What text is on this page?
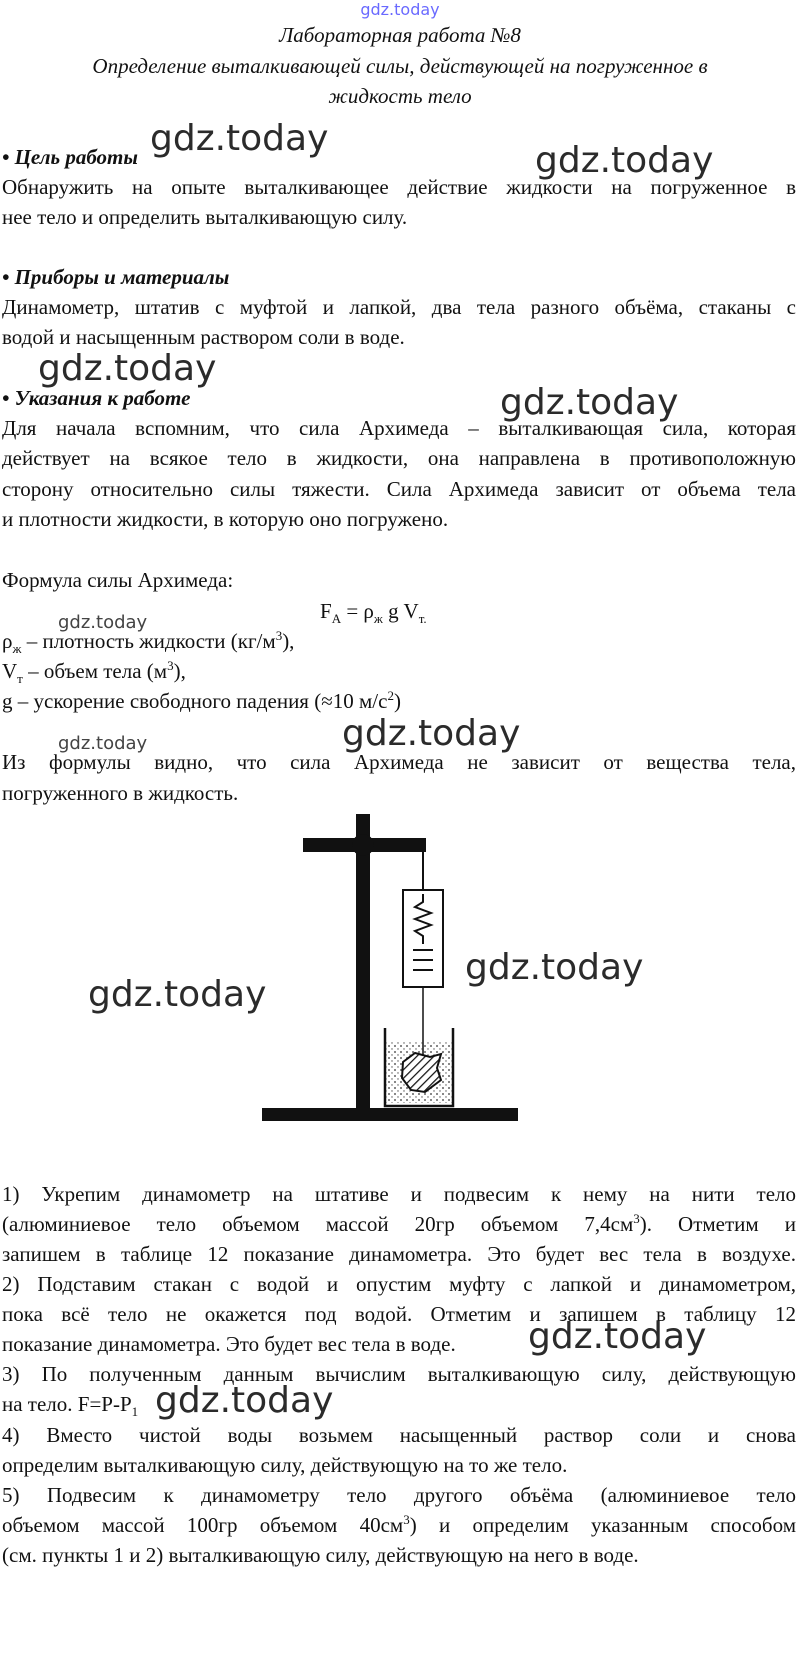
gdz.today
Лабораторная работа №8
Определение выталкивающей силы, действующей на погруженное в
жидкость тело
• Цель работы
Обнаружить на опыте выталкивающее действие жидкости на погруженное в
нее тело и определить выталкивающую силу.
• Приборы и материалы
Динамометр, штатив с муфтой и лапкой, два тела разного объёма, стаканы с
водой и насыщенным раствором соли в воде.
• Указания к работе
Для начала вспомним, что сила Архимеда – выталкивающая сила, которая
действует на всякое тело в жидкости, она направлена в противоположную
сторону относительно силы тяжести. Сила Архимеда зависит от объема тела
и плотности жидкости, в которую оно погружено.
Формула силы Архимеда:
$F_A = \rho_ж$ g $V_{т.}$
$\rho_ж$ – плотность жидкости $(кг/м^3)$,
$V_т$ – объем тела $(м^3)$,
g – ускорение свободного падения (≈10 $м/с^2$)
Из формулы видно, что сила Архимеда не зависит от вещества тела,
погруженного в жидкость.
1) Укрепим динамометр на штативе и подвесим к нему на нити тело
(алюминиевое тело объемом массой 20гр объемом $7,4см^3$). Отметим и
запишем в таблице 12 показание динамометра. Это будет вес тела в воздухе.
2) Подставим стакан с водой и опустим муфту с лапкой и динамометром,
пока всё тело не окажется под водой. Отметим и запишем в таблицу 12
показание динамометра. Это будет вес тела в воде.
3) По полученным данным вычислим выталкивающую силу, действующую
на тело. $F=P-P_1$
4) Вместо чистой воды возьмем насыщенный раствор соли и снова
определим выталкивающую силу, действующую на то же тело.
5) Подвесим к динамометру тело другого объёма (алюминиевое тело
объемом массой 100гр объемом $40см^3$) и определим указанным способом
(см. пункты 1 и 2) выталкивающую силу, действующую на него в воде.
gdz.today
gdz.today
gdz.today
gdz.today
gdz.today
gdz.today	gdz.today
gdz.today
gdz.today
gdz.today
gdz.today
